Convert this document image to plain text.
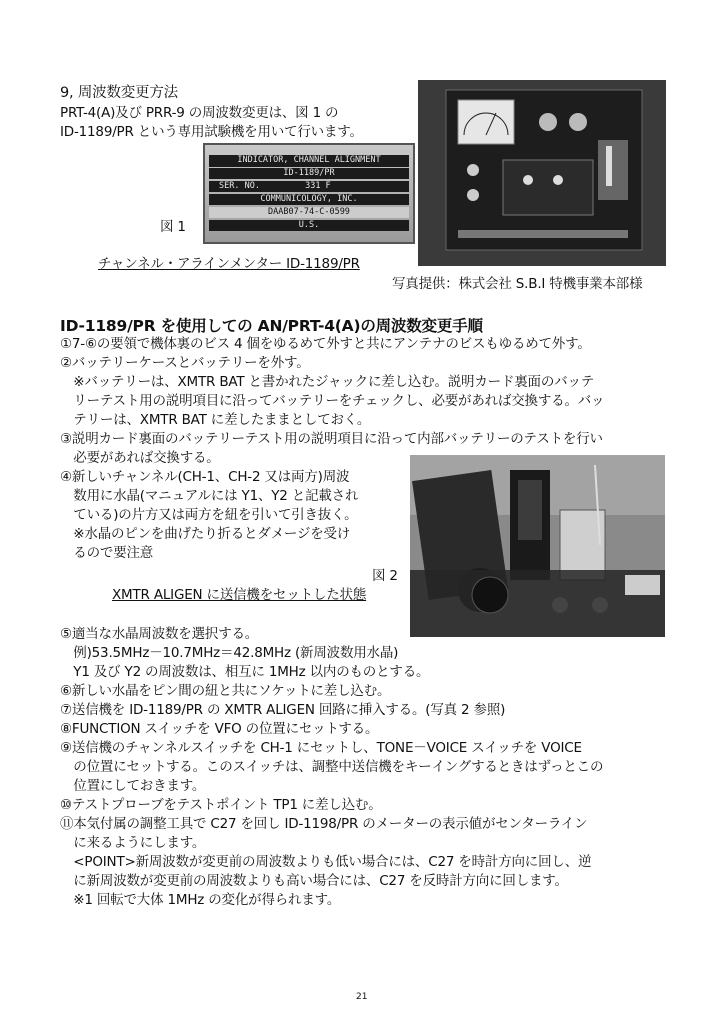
9, 周波数変更方法
PRT-4(A)及び PRR-9 の周波数変更は、図 1 の
ID-1189/PR という専用試験機を用いて行います。
INDICATOR, CHANNEL ALIGNMENT
ID-1189/PR
SER. NO.	331 F
COMMUNICOLOGY, INC.
DAAB07-74-C-0599
U.S.
図 1
チャンネル・アラインメンター ID-1189/PR
写真提供：株式会社 S.B.I 特機事業本部様
ID-1189/PR を使用しての AN/PRT-4(A)の周波数変更手順
①7-⑥の要領で機体裏のビス 4 個をゆるめて外すと共にアンテナのビスもゆるめて外す。
②バッテリーケースとバッテリーを外す。
　※バッテリーは、XMTR BAT と書かれたジャックに差し込む。説明カード裏面のバッテ
　リーテスト用の説明項目に沿ってバッテリーをチェックし、必要があれば交換する。バッ
　テリーは、XMTR BAT に差したままとしておく。
③説明カード裏面のバッテリーテスト用の説明項目に沿って内部バッテリーのテストを行い
　必要があれば交換する。
④新しいチャンネル(CH-1、CH-2 又は両方)周波
　数用に水晶(マニュアルには Y1、Y2 と記載され
　ている)の片方又は両方を紐を引いて引き抜く。
　※水晶のピンを曲げたり折るとダメージを受け
　るので要注意
図 2
XMTR ALIGEN に送信機をセットした状態
⑤適当な水晶周波数を選択する。
　例)53.5MHz－10.7MHz＝42.8MHz (新周波数用水晶)
　Y1 及び Y2 の周波数は、相互に 1MHz 以内のものとする。
⑥新しい水晶をピン間の紐と共にソケットに差し込む。
⑦送信機を ID-1189/PR の XMTR ALIGEN 回路に挿入する。(写真 2 参照)
⑧FUNCTION スイッチを VFO の位置にセットする。
⑨送信機のチャンネルスイッチを CH-1 にセットし、TONE－VOICE スイッチを VOICE
　の位置にセットする。このスイッチは、調整中送信機をキーイングするときはずっとこの
　位置にしておきます。
⑩テストプローブをテストポイント TP1 に差し込む。
⑪本気付属の調整工具で C27 を回し ID-1198/PR のメーターの表示値がセンターライン
　に来るようにします。
　<POINT>新周波数が変更前の周波数よりも低い場合には、C27 を時計方向に回し、逆
　に新周波数が変更前の周波数よりも高い場合には、C27 を反時計方向に回します。
　※1 回転で大体 1MHz の変化が得られます。
21
